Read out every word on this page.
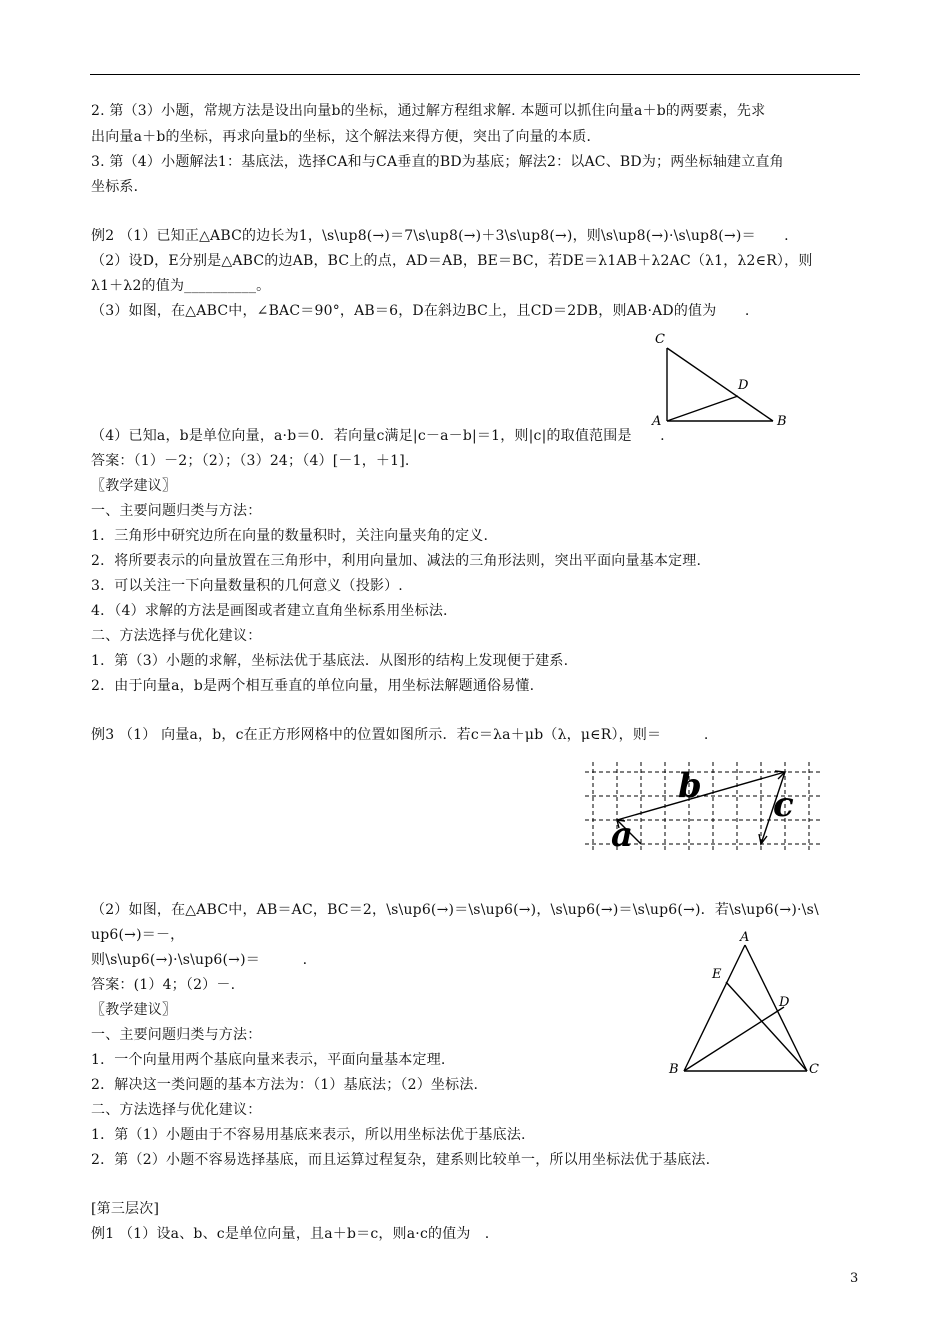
2. 第（3）小题，常规方法是设出向量b的坐标，通过解方程组求解. 本题可以抓住向量a＋b的两要素，先求
出向量a＋b的坐标，再求向量b的坐标，这个解法来得方便，突出了向量的本质．
3. 第（4）小题解法1：基底法，选择CA和与CA垂直的BD为基底；解法2：以AC、BD为；两坐标轴建立直角
坐标系．
例2 （1）已知正△ABC的边长为1，\s\up8(→)＝7\s\up8(→)＋3\s\up8(→)，则\s\up8(→)·\s\up8(→)＝　　.
（2）设D，E分别是△ABC的边AB，BC上的点，AD＝AB，BE＝BC，若DE＝λ1AB＋λ2AC（λ1，λ2∈R），则
λ1＋λ2的值为__________。
（3）如图，在△ABC中，∠BAC＝90°，AB＝6，D在斜边BC上，且CD＝2DB，则AB·AD的值为　　.
（4）已知a，b是单位向量，a·b＝0．若向量c满足|c－a－b|＝1，则|c|的取值范围是　　.
答案：（1）－2；（2）；（3）24；（4）[－1，＋1].
〖教学建议〗
一、主要问题归类与方法：
1．三角形中研究边所在向量的数量积时，关注向量夹角的定义.
2．将所要表示的向量放置在三角形中，利用向量加、减法的三角形法则，突出平面向量基本定理.
3．可以关注一下向量数量积的几何意义（投影）.
4．（4）求解的方法是画图或者建立直角坐标系用坐标法.
二、方法选择与优化建议：
1．第（3）小题的求解，坐标法优于基底法．从图形的结构上发现便于建系.
2．由于向量a，b是两个相互垂直的单位向量，用坐标法解题通俗易懂.
例3 （1） 向量a，b，c在正方形网格中的位置如图所示．若c＝λa＋μb（λ，μ∈R），则＝　　　.
（2）如图，在△ABC中，AB＝AC，BC＝2，\s\up6(→)＝\s\up6(→)，\s\up6(→)＝\s\up6(→)．若\s\up6(→)·\s\
up6(→)＝－，
则\s\up6(→)·\s\up6(→)＝　　　.
答案：(1）4；（2）－.
〖教学建议〗
一、主要问题归类与方法：
1．一个向量用两个基底向量来表示，平面向量基本定理.
2．解决这一类问题的基本方法为：（1）基底法；（2）坐标法.
二、方法选择与优化建议：
1．第（1）小题由于不容易用基底来表示，所以用坐标法优于基底法.
2．第（2）小题不容易选择基底，而且运算过程复杂，建系则比较单一，所以用坐标法优于基底法.
[第三层次]
例1 （1）设a、b、c是单位向量，且a＋b＝c，则a·c的值为　.
3
C
D
A	B
b c
a
A
E
D
B	C
